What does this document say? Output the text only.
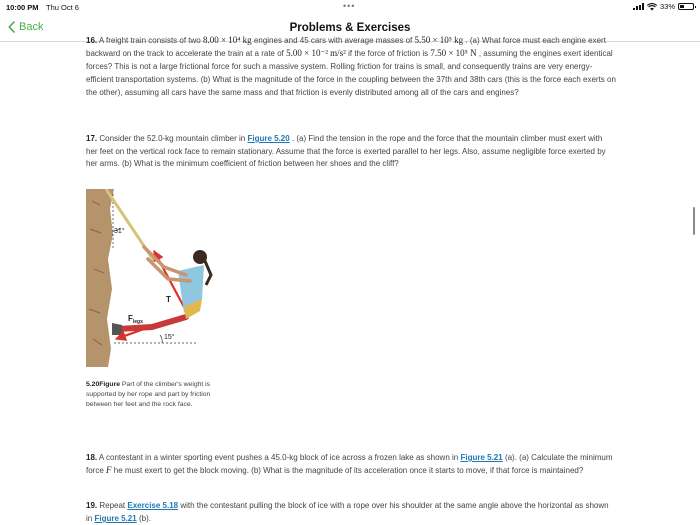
10:00 PM Thu Oct 6	•••	33%
Back	Problems & Exercises

16. A freight train consists of two 8.00 × 10⁴ kg engines and 45 cars with average masses of 5.50 × 10⁵ kg . (a) What force must each engine exert backward on the track to accelerate the train at a rate of 5.00 × 10⁻² m/s² if the force of friction is 7.50 × 10⁵ N , assuming the engines exert identical forces? This is not a large frictional force for such a massive system. Rolling friction for trains is small, and consequently trains are very energy-efficient transportation systems. (b) What is the magnitude of the force in the coupling between the 37th and 38th cars (this is the force each exerts on the other), assuming all cars have the same mass and that friction is evenly distributed among all of the cars and engines?

17. Consider the 52.0-kg mountain climber in Figure 5.20 . (a) Find the tension in the rope and the force that the mountain climber must exert with her feet on the vertical rock face to remain stationary. Assume that the force is exerted parallel to her legs. Also, assume negligible force exerted by her arms. (b) What is the minimum coefficient of friction between her shoes and the cliff?
31°
T
$F_{legs}$
15°
5.20Figure Part of the climber's weight is supported by her rope and part by friction between her feet and the rock face.
18. A contestant in a winter sporting event pushes a 45.0-kg block of ice across a frozen lake as shown in Figure 5.21 (a). (a) Calculate the minimum force F he must exert to get the block moving. (b) What is the magnitude of its acceleration once it starts to move, if that force is maintained?
19. Repeat Exercise 5.18 with the contestant pulling the block of ice with a rope over his shoulder at the same angle above the horizontal as shown in Figure 5.21 (b).
